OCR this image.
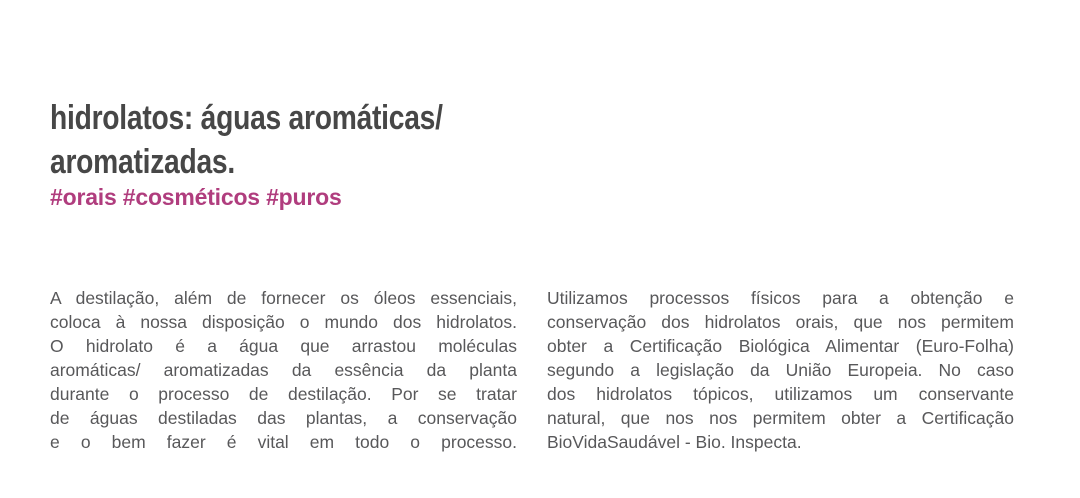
hidrolatos: águas aromáticas/
aromatizadas.
#orais #cosméticos #puros
A destilação, além de fornecer os óleos essenciais,
coloca à nossa disposição o mundo dos hidrolatos.
O hidrolato é a água que arrastou moléculas
aromáticas/ aromatizadas da essência da planta
durante o processo de destilação. Por se tratar
de águas destiladas das plantas, a conservação
e o bem fazer é vital em todo o processo.
Utilizamos processos físicos para a obtenção e
conservação dos hidrolatos orais, que nos permitem
obter a Certificação Biológica Alimentar (Euro-Folha)
segundo a legislação da União Europeia. No caso
dos hidrolatos tópicos, utilizamos um conservante
natural, que nos nos permitem obter a Certificação
BioVidaSaudável - Bio. Inspecta.
